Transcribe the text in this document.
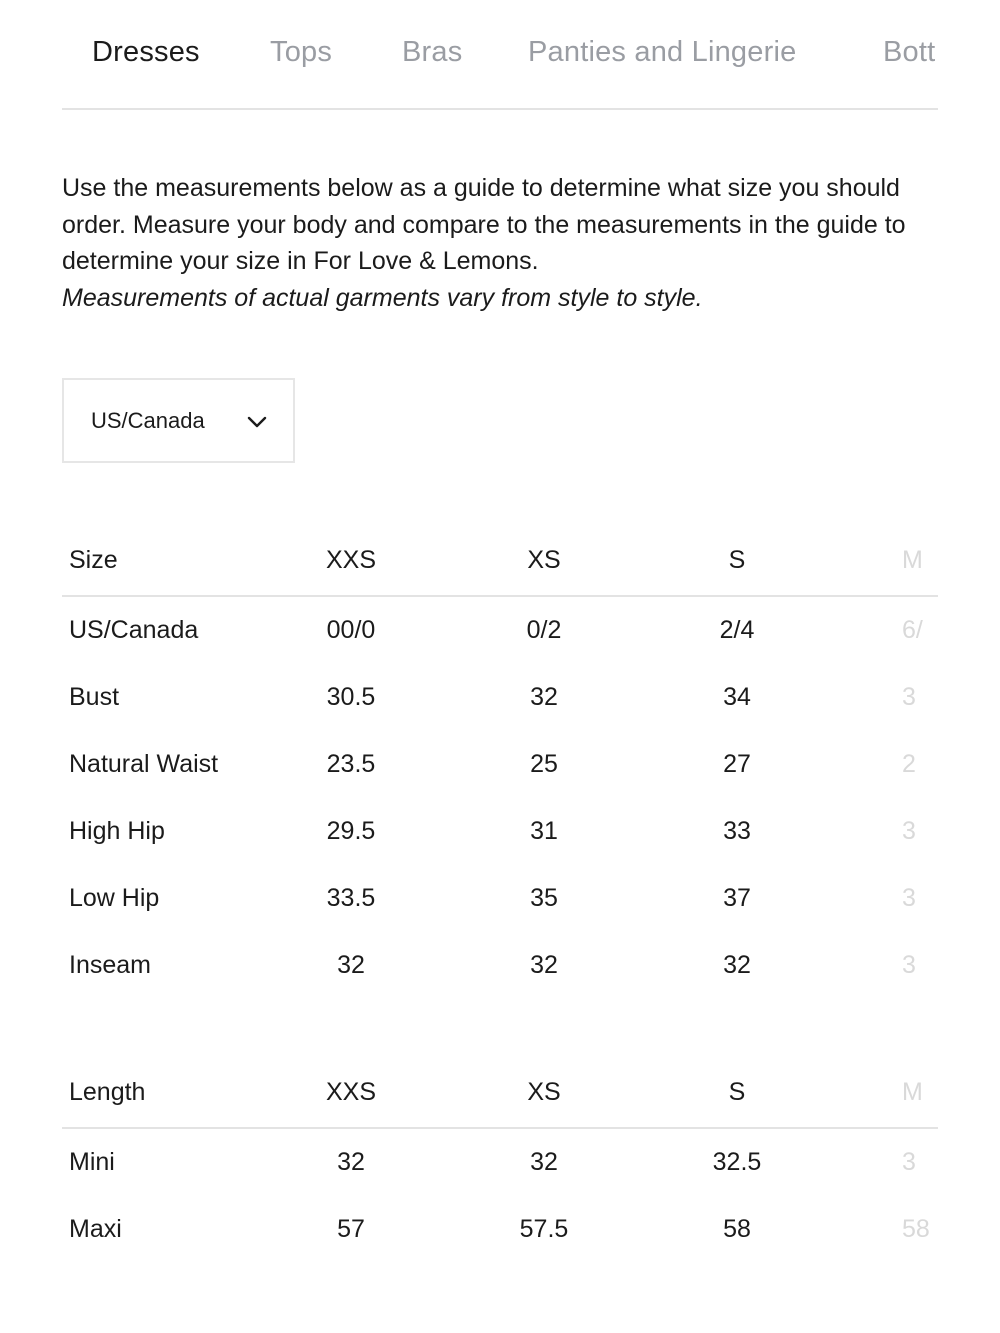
Dresses Tops Bras Panties and Lingerie	Bott
Use the measurements below as a guide to determine what size you should order. Measure your body and compare to the measurements in the guide to determine your size in For Love & Lemons.
Measurements of actual garments vary from style to style.
US/Canada
Size	XXS	XS	S	M
US/Canada	00/0	0/2	2/4	6/
Bust	30.5	32	34	3
Natural Waist	23.5	25	27	2
High Hip	29.5	31	33	3
Low Hip	33.5	35	37	3
Inseam	32	32	32	3
Length	XXS	XS	S	M
Mini	32	32	32.5	3
Maxi	57	57.5	58	58
